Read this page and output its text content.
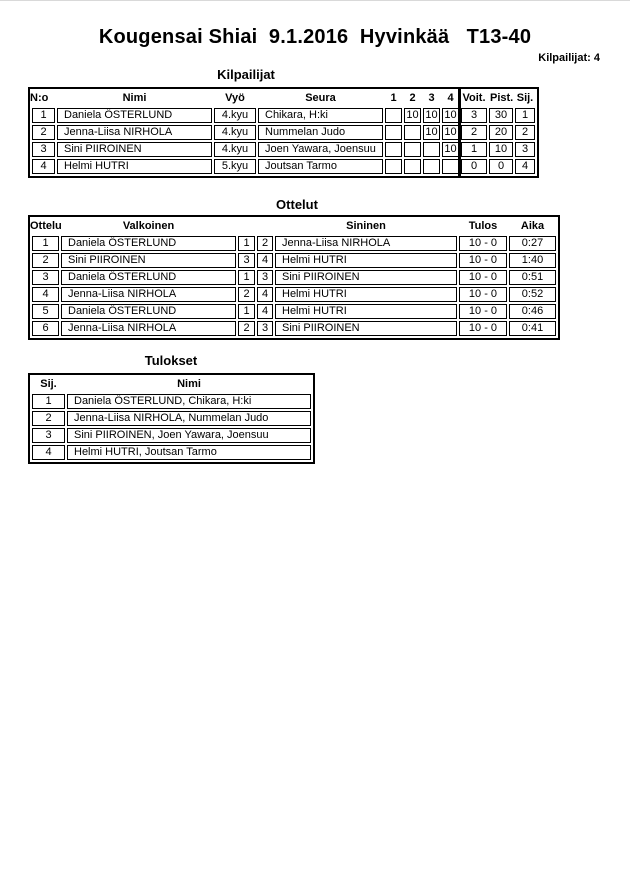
Kougensai Shiai  9.1.2016  Hyvinkää   T13-40
Kilpailijat: 4
Kilpailijat
N:o	Nimi	Vyö	Seura	1	2	3	4	Voit.	Pist.	Sij.
1	Daniela ÖSTERLUND	4.kyu	Chikara, H:ki		10	10	10	3	30	1
2	Jenna-Liisa NIRHOLA	4.kyu	Nummelan Judo			10	10	2	20	2
3	Sini PIIROINEN	4.kyu	Joen Yawara, Joensuu				10	1	10	3
4	Helmi HUTRI	5.kyu	Joutsan Tarmo					0	0	4
Ottelut
Ottelu	Valkoinen			Sininen	Tulos	Aika
1	Daniela ÖSTERLUND	1	2	Jenna-Liisa NIRHOLA	10 - 0	0:27
2	Sini PIIROINEN	3	4	Helmi HUTRI	10 - 0	1:40
3	Daniela ÖSTERLUND	1	3	Sini PIIROINEN	10 - 0	0:51
4	Jenna-Liisa NIRHOLA	2	4	Helmi HUTRI	10 - 0	0:52
5	Daniela ÖSTERLUND	1	4	Helmi HUTRI	10 - 0	0:46
6	Jenna-Liisa NIRHOLA	2	3	Sini PIIROINEN	10 - 0	0:41
Tulokset
Sij.	Nimi
1	Daniela ÖSTERLUND, Chikara, H:ki
2	Jenna-Liisa NIRHOLA, Nummelan Judo
3	Sini PIIROINEN, Joen Yawara, Joensuu
4	Helmi HUTRI, Joutsan Tarmo
